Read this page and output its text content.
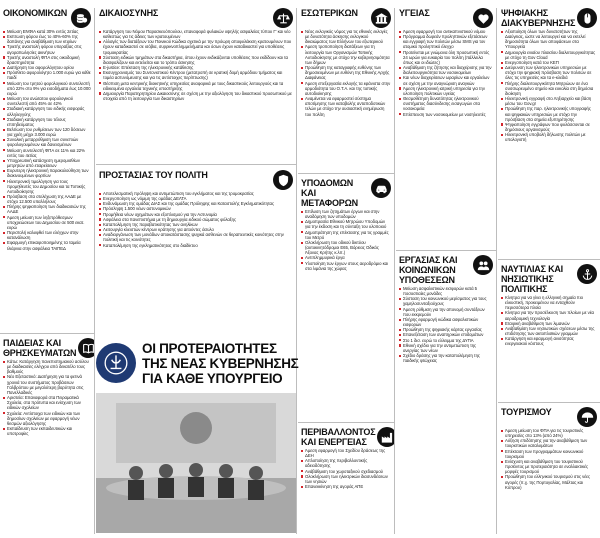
ΟΙΚΟΝΟΜΙΚΩΝ
Μείωση ΕΝΦΙΑ κατά 30% εντός 2ετίας
Εκπτωση φόρου έως το 40%-60% της δαπάνης για αναβάθμιση των κτιρίων
Τριετής αναστολή φόρου υπεραξίας στις αγοραπωλησίες ακινήτων
Τριετής αναστολή ΦΠΑ στις οικοδομική δραστηριότητα
Διατήρηση του αφορολόγητου ορίου
Πρόσθετο αφορολόγητο 1.000 ευρώ για κάθε παιδί
Μείωση του τρητού φορολογικού συντελεστή από 22% στο 9% για εισοδήματα έως 10.000 ευρώ
Μείωση του ανώτατου φορολογικού συντελεστή από 45% σε 42%
Σταδιακή κατάργηση του ειδικής εισφοράς αλληλεγγύης
Σταδιακή κατάργηση του τέλους επιτηδεύματος
Βελτίωση του ρυθμίσεων των 120 δόσεων για χρέη μέχρι 3.000 ευρώ
Συνολική μεταρρύθμιση των συνεπιών φορολογουμένων και δανεισμένων
Μείωση συντελεστή ΦΠΑ σε 11% και 22% εντός του 4ετίας
Υποχρεωτική κατάσχεση ημερομισθίων μετρητών από εταιρείσεων
Ευρυτερη ηλεκτρονική παρακολούθηση των διακινουμένων φορτίων
Ηλεκτρονική τιμολόγηση για τους προμηθευτές του Δημοσίου και τα Τοπικής Αυτοδιοίκησης
Πρόσβαση στα στελέχωση της ΑΑΔΕ με στόχο 12.500 υπαλλήλους
Πλήρης ψηφιοποίηση των διαδικασιών της ΑΑΔΕ
Άμεση μείωση των ληξιπρόθεσμων υποχρεώσεων του Δημοσίου σε 500 εκατ. ευρώ
Περιστολή καλυφθεί των ελέγχων στην κατανάλωση
Εφαρμογή επικαιροποιημένης τα ταμεία Ιλιάρνια στην ασφάλεια ΤΑΙΠΕΔ
ΠΑΙΔΕΙΑΣ ΚΑΙ ΘΡΗΣΚΕΥΜΑΤΩΝ
Κάτω: Κατάργηση πανεπιστημιακού ασύλου με διαδικασίες ελέγχου από δεκατέλο τους βαθμούς
Νέο Εξεταστικό: Διατήρηση για τα φετινά χρονιά του συστήματος προβάσεων Γαλβρόπου με μεγαλύτερη βαρύτητα στις Πανελλαδικές
Αριστεία: Επαναφορά στα Πειραματικά Σχολεία, στα πρότυπα και ενίσχυση των ειδικών σχολείων
Σχολεία: Αντίστοιχα των ειδικών και των δημοσίων σχολείων με εφαρμογή νέων θεσμών αξιολόγησης
Εκπαίδευση των εκπαιδευτικών και υποτροφίες
ΔΙΚΑΙΟΣΥΝΗΣ
Κατάργηση του Νόμου Παρασκευόπουλου, επαναφορά φυλακών υψηλής ασφαλείας τύπου Γ' και νέο καθεστώς για τις άδειες των κρατουμένων
Αλλαγές των διατάξεων του Ποινικού Κώδικα σχετικά με την πρόωρη αποφυλάκιση κρατουμένων που έχουν καταδικαστεί σε ισόβια, συρρικνοπλημμελήματα και όσων έχουν καταδικαστεί για υποθέσεις τρομοκρατίας
Σύσταση ειδικών τμημάτων στα δικαστήρια, όπου έχουν εκδικάζονται υποθέσεις που εκδίδουν και τα διασφαλίζουν και εκτελείται και το τρόπο άσκησης
E-justice: Επέκταση της ηλεκτρονικής κατάθεσης
Εκσυγχρονισμός του Συντονιστικού Κέντρου (μετατροπή σε κρατική δομή αρμόδιου τμήματος και τομέα αστυνόμευσης και για τις αντίστοιχες περίπτωσης)
Θέσπιση μετα κεντρικής διοικητικής υπηρεσίας αναφορικά με τους δικαστικούς λειτουργούς και τα ειδικευμένα εργαλεία τεχνικής υποστήριξης
Δημιουργία Παρατηρητηρίου Δικαιοσύνης σε σχέση με την αξιολόγηση του δικαστικού προσωπικού με στοιχεία από τη λειτουργία των δικαστηρίων
ΠΡΟΣΤΑΣΙΑΣ ΤΟΥ ΠΟΛΙΤΗ
Αποτελεσματική πρόληψη και αντιμετώπιση του εγκλήματος και της τρομοκρατίας
Ενεργοποίηση ως νόμιμη της ομάδας ΔΕΛΤΑ
Ενδυνάμωση της ομάδας ΔΙΑΣ και της ομάδας Πρόληψης και Καταστολής Εγκληματικότητας
Πρόσληψη 1.500 νέων αστυνομικών
Προμήθεια νέων οχημάτων και εξοπλισμού για την Αστυνομία
Ασφάλεια στα πανεπιστήμια με τη δημιουργία ειδικού σώματος φύλαξης
Καταπολέμηση της παραβατικότητας των ανηλίκων
Λειτουργία κλειστών κέντρων κράτησης για αιτούντες άσυλο
Αναδιοργάνωση των μονάδων αποκατάστασης ψυχικά ασθενών σε θεραπευτικές κοινότητες στην πολιτική και τις κοινότητες
Καταπολέμηση της εγκληματικότητας στο διαδίκτυο
ΟΙ ΠΡΟΤΕΡΑΙΟΤΗΤΕΣ
ΤΗΣ ΝΕΑΣ ΚΥΒΕΡΝΗΣΗΣ
ΓΙΑ ΚΑΘΕ ΥΠΟΥΡΓΕΙΟ
ΕΣΩΤΕΡΙΚΩΝ
Νέος εκλογικός νόμος για τις εθνικές εκλογές με δυνατότητα άσκησης εκλογικού δικαιώματος των Ελλήνων του εξωτερικού
Άμεση τροποποίηση διατάξεων για τη λειτουργία των Οργανισμών Τοπικής Αυτοδιοίκησης με στόχο την κυβερνησιμότητα των δήμων
Προώθηση της καταγραφής ευθύνης των δημοσιευμένων με ευθύνη της Εθνικής Αρχής Διαφάνειας
Άμεση επεξεργασία εκλογής τα εφάνιστα στην αρμοδιότητα του Ο.Τ.Α. και της τοπικής αυτοδιοίκησης
Αναμένεται να εφαρμοστεί σύστημα αποτίμησης των καταβολής ανταποδοτικών τελών με στόχο την ουσιαστική ενημέρωση του πολίτη
ΥΠΟΔΟΜΩΝ ΚΑΙ ΜΕΤΑΦΟΡΩΝ
Επίλυση των ζητημάτων έργων και στην αναδόμηση των υποδομών
Δημοπρασία Εθνικού Μητρώου Υποδομών για την έκδοση και τη σύνταξη του υλοποιού
Δημοπράτηση της επέκτασης για τις γραμμές του Μετρό
Ολοκλήρωση του οδικού δικτύου (αυτοκινητόδρομοι Ε65, Βόρειος Οδικός Άξονας Κρήτης κ.λπ.)
Αντιπλημμυρικά έργα
Υλοποίηση των έργων στους αεροδρόμιο και στα λιμάνια της χώρας
ΠΕΡΙΒΑΛΛΟΝΤΟΣ ΚΑΙ ΕΝΕΡΓΕΙΑΣ
Άμεση εφαρμογή του Σχεδίου δράσεως της ΔΕΗ
Απλοποίηση της περιβαλλοντικής αδειοδότησης
Ανάβάθμιση του χωροταξικού σχεδιασμού
Ολοκλήρωση των ηλεκτρικών διασυνδέσεων των νησιών
Επανεκκίνηση της αγοράς ΑΠΕ
ΥΓΕΙΑΣ
Άμεση εφαρμογή του αντικαπνιστικού νόμου
Πρόγραμμα δωρεάν προληπτικών εξετάσεων και εγγραφή των πολιτών μέσω SMS για τον ατομικό προληπτικό έλεγχο
Προτείνεται με γνώμονα όλη προσωπική εντός 24 ωρών για ευκαιρία του πολίτη (πάλλειλα όπως και οι ιδιώτες)
Αναβάθμιση της ζήτησης και διαχείρισης για την διαλειτουργικότητα των νοσοκομείων
Και νέων διαχειρίσεων ωραρίων και εργαλείων σε σχέση με την αναγνώριση αναγκών
Άμεση ηλεκτρονική ιατρική υπηρεσία για την υλοποίηση πολιτικών υγείας
Θεσμοθέτηση δυνατότητας ηλεκτρονικού συστήματος διασύνδεσης εισαγωγών στα νοσοκομεία
Επίσπευση των νοσοκομείων με νοσηλευτές
ΕΡΓΑΣΙΑΣ ΚΑΙ ΚΟΙΝΩΝΙΚΩΝ ΥΠΟΘΕΣΕΩΝ
Μείωση ασφαλιστικών εισφορών κατά 5 ποσοστιαίες μονάδες
Σύσταση του κοινωνικού μερίσματος για τους χαμηλοσυνταξιούχους
Άμεση ρύθμιση για την απονομή συντάξεων που εκκρεμούν
Πλήρης εφαρμογή κώδικα ασφαλιστικών εισφορών
Προώθηση της ψηφιακής κάρτας εργασίας
Επανεξέταση των αναπηρικών επιδομάτων
Στο 1 δισ. ευρώ το ελλειμμα της ΔΥΠΑ
Εθνική σχέδιο για την αντιμετώπιση της ανεργίας των νέων
Σχέδιο δράσης για την καταπολέμηση της παιδικής φτώχειας
ΨΗΦΙΑΚΗΣ ΔΙΑΚΥΒΕΡΝΗΣΗΣ
Αξιοποίηση όλων των δυνατοτήτων της Διαύγειας, ώστε να λειτουργεί και να εκτελεί δημοσιότητα όλων των αποφάσεων στα Υπουργεία
Δημιουργία ενιαίου πλαισίου διαλειτουργικότητας με στόχο τη Gov Cloud
Ενεργοποίηση κατά του ΚΕΠ
Διεύρυνση των ηλεκτρονικών υπηρεσιών με στόχο την ψηφιακή πρόσβαση των πολιτών σε όλες τις υπηρεσίες και τα e-κλεδιά
Πλήρης διαλειτουργικότητα Μητρώων σε ένα συσσωρευμένο σημείο και ευκολία στη δημόσια διοίκηση
Ηλεκτρονική εγγραφή στο Ληξιαρχείο και βάση μέσω του Gov.gr
Προώθηση της παρ. ηλεκτρονικής υπογραφής και ψηφιακών υπηρεσιών με στόχο την πρόσβαση στα σημεία εξυπηρέτησης
Ψηφιοποίηση εγγράφων που φυλάσσονται σε δημόσιους οργανισμούς
Ηλεκτρονική υποβολή δήλωσης πολιτών με υπολογιστή
ΝΑΥΤΙΛΙΑΣ ΚΑΙ ΝΗΣΙΩΤΙΚΗΣ ΠΟΛΙΤΙΚΗΣ
Κίνητρα για να γίνει η ελληνική σημαία πιο ελκυστική, προκειμένου να ενταχθούν περισσότερα πλοία
Κίνητρα για την προσέλκυση των πλοίων με νέα αεροδρομική τεχνολογία
Εταιρική αναβάθμιση των λιμανιών
Ανάβαθμίση των νησιωτικών σχέσεων μέσω της επιδότησης των ακτοπλοϊκών γραμμών
Κατάργηση και εφαρμογή ανισότητας ενεργειακού κόστους
ΤΟΥΡΙΣΜΟΥ
Άμεση μείωση του ΦΠΑ για τις τουριστικές υπηρεσίες στο 13% (από 24%)
Αύξηση επιδότησης για την αναβάθμιση των τουριστικών καταλυμάτων
Επέκταση των προγραμμάτων κοινωνικού τουρισμού
Ενίσχυση και αναβάθμιση του τουριστικού προϊόντος με προτεραιότητα σε εναλλακτικές μορφές τουρισμού
Προώθηση του ελληνικού τουρισμού στις νέες αγορές (π.χ. της Πορτογαλίας, Μάλτας και Κύπρου)
